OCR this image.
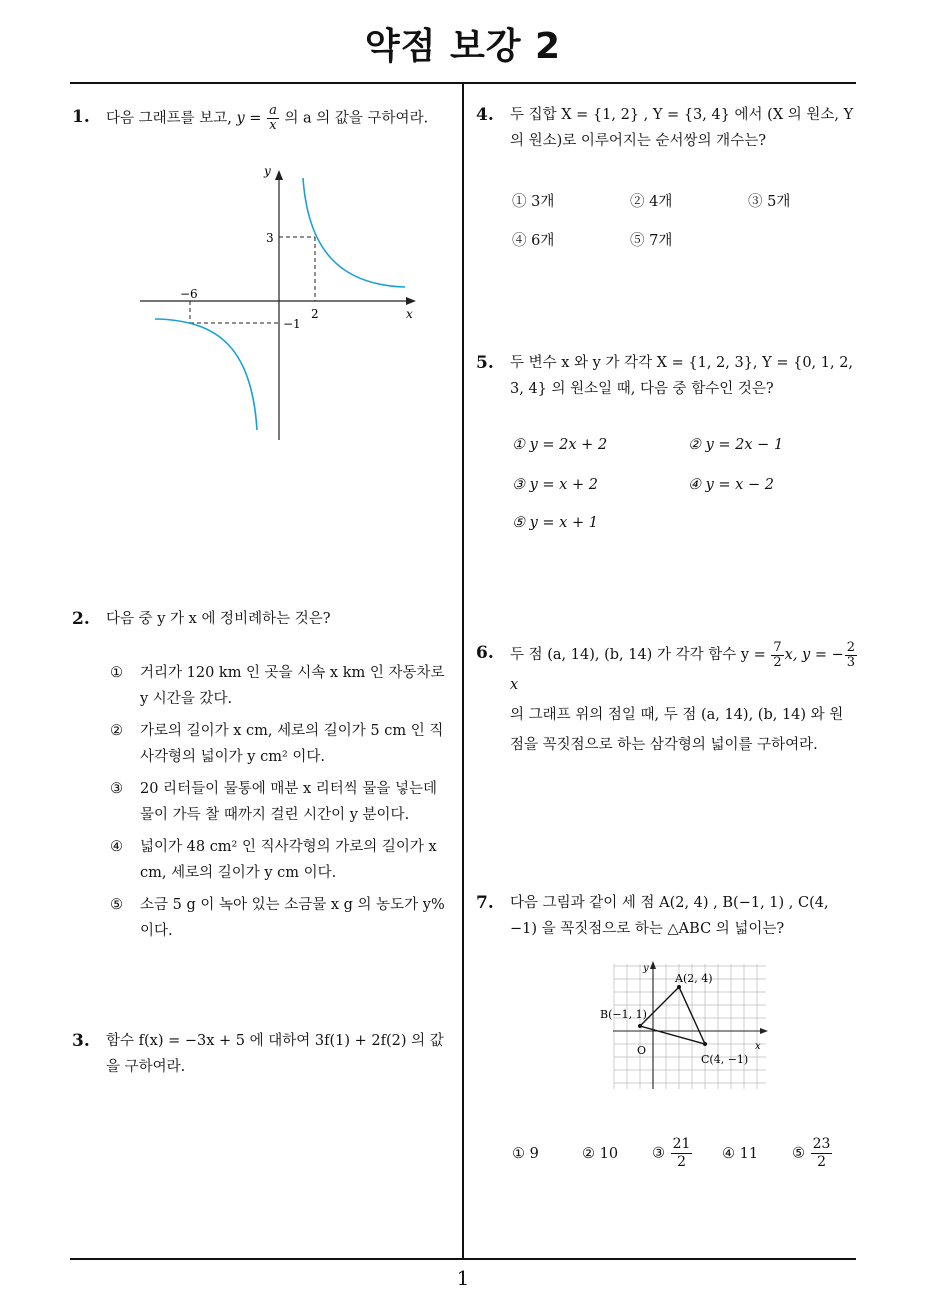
약점 보강 2
1
1. 다음 그래프를 보고, $y = \frac{a}{x}$ 의 a 의 값을 구하여라.
y
x
3
2
−6
−1
2. 다음 중 y 가 x 에 정비례하는 것은?
① 거리가 120 km 인 곳을 시속 x km 인 자동차로 y 시간을 갔다.
② 가로의 길이가 x cm, 세로의 길이가 5 cm 인 직사각형의 넓이가 y cm² 이다.
③ 20 리터들이 물통에 매분 x 리터씩 물을 넣는데 물이 가득 찰 때까지 걸린 시간이 y 분이다.
④ 넓이가 48 cm² 인 직사각형의 가로의 길이가 x cm, 세로의 길이가 y cm 이다.
⑤ 소금 5 g 이 녹아 있는 소금물 x g 의 농도가 y% 이다.
3. 함수 f(x) = −3x + 5 에 대하여 3f(1) + 2f(2) 의 값을 구하여라.
4. 두 집합 X = {1, 2} , Y = {3, 4} 에서 (X 의 원소, Y 의 원소)로 이루어지는 순서쌍의 개수는?
① 3개	② 4개	③ 5개
④ 6개	⑤ 7개
5. 두 변수 x 와 y 가 각각 X = {1, 2, 3}, Y = {0, 1, 2, 3, 4} 의 원소일 때, 다음 중 함수인 것은?
① y = 2x + 2	② y = 2x − 1
③ y = x + 2	④ y = x − 2
⑤ y = x + 1
6. 두 점 (a, 14), (b, 14) 가 각각 함수 $y = \frac{7}{2} x$, y = − $\frac{2}{3}$
x
의 그래프 위의 점일 때, 두 점 (a, 14), (b, 14) 와 원
점을 꼭짓점으로 하는 삼각형의 넓이를 구하여라.
7. 다음 그림과 같이 세 점 A(2, 4) , B(−1, 1) , C(4, −1) 을 꼭짓점으로 하는 △ABC 의 넓이는?
A(2, 4)
B(−1, 1)
C(4, −1)
O	x
y
① 9	② 10 ③ $\frac{21}{2}$ ④ 11 ⑤ $\frac{23}{2}$
